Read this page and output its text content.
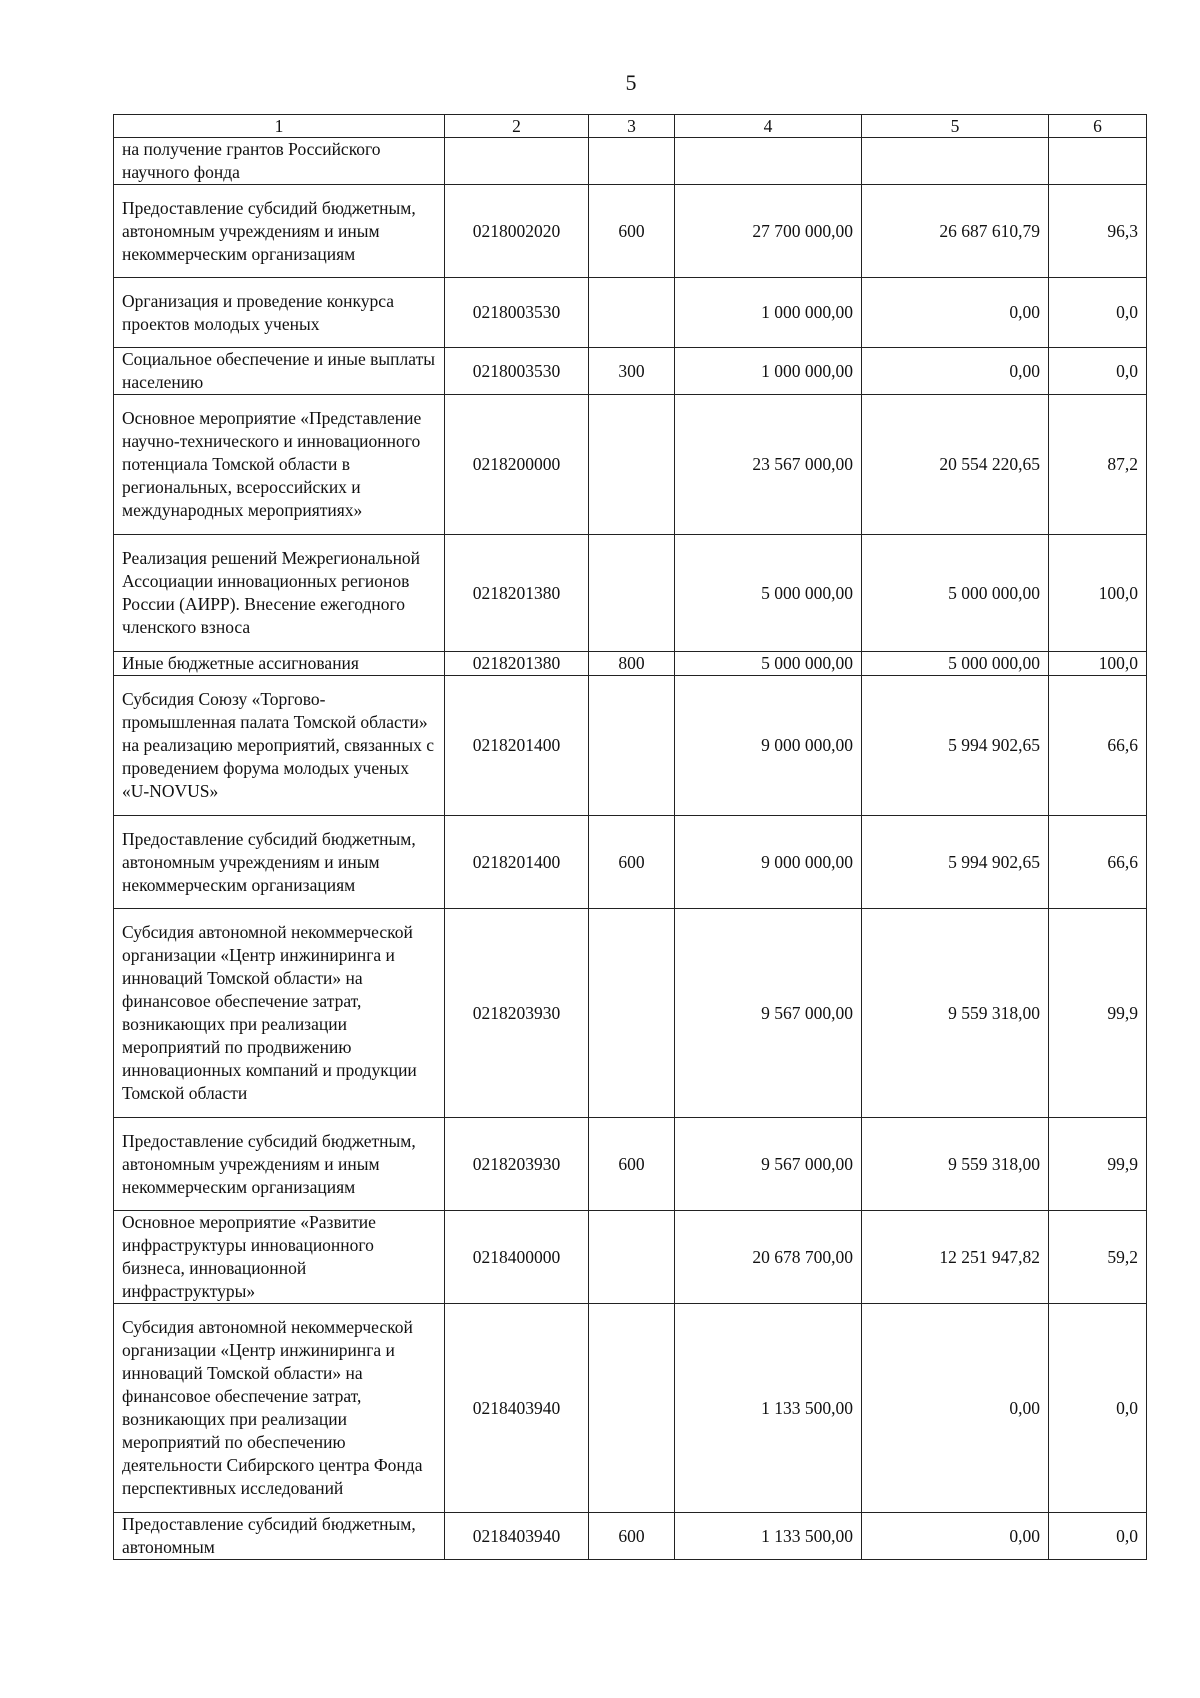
5
1	2	3	4	5	6
на получение грантов Российского научного фонда					
Предоставление субсидий бюджетным, автономным учреждениям и иным некоммерческим организациям	0218002020	600	27 700 000,00	26 687 610,79	96,3
Организация и проведение конкурса проектов молодых ученых	0218003530		1 000 000,00	0,00	0,0
Социальное обеспечение и иные выплаты населению	0218003530	300	1 000 000,00	0,00	0,0
Основное мероприятие «Представление научно-технического и инновационного потенциала Томской области в региональных, всероссийских и международных мероприятиях»	0218200000		23 567 000,00	20 554 220,65	87,2
Реализация решений Межрегиональной Ассоциации инновационных регионов России (АИРР). Внесение ежегодного членского взноса	0218201380		5 000 000,00	5 000 000,00	100,0
Иные бюджетные ассигнования	0218201380	800	5 000 000,00	5 000 000,00	100,0
Субсидия Союзу «Торгово-промышленная палата Томской области» на реализацию мероприятий, связанных с проведением форума молодых ученых «U-NOVUS»	0218201400		9 000 000,00	5 994 902,65	66,6
Предоставление субсидий бюджетным, автономным учреждениям и иным некоммерческим организациям	0218201400	600	9 000 000,00	5 994 902,65	66,6
Субсидия автономной некоммерческой организации «Центр инжиниринга и инноваций Томской области» на финансовое обеспечение затрат, возникающих при реализации мероприятий по продвижению инновационных компаний и продукции Томской области	0218203930		9 567 000,00	9 559 318,00	99,9
Предоставление субсидий бюджетным, автономным учреждениям и иным некоммерческим организациям	0218203930	600	9 567 000,00	9 559 318,00	99,9
Основное мероприятие «Развитие инфраструктуры инновационного бизнеса, инновационной инфраструктуры»	0218400000		20 678 700,00	12 251 947,82	59,2
Субсидия автономной некоммерческой организации «Центр инжиниринга и инноваций Томской области» на финансовое обеспечение затрат, возникающих при реализации мероприятий по обеспечению деятельности Сибирского центра Фонда перспективных исследований	0218403940		1 133 500,00	0,00	0,0
Предоставление субсидий бюджетным, автономным	0218403940	600	1 133 500,00	0,00	0,0
